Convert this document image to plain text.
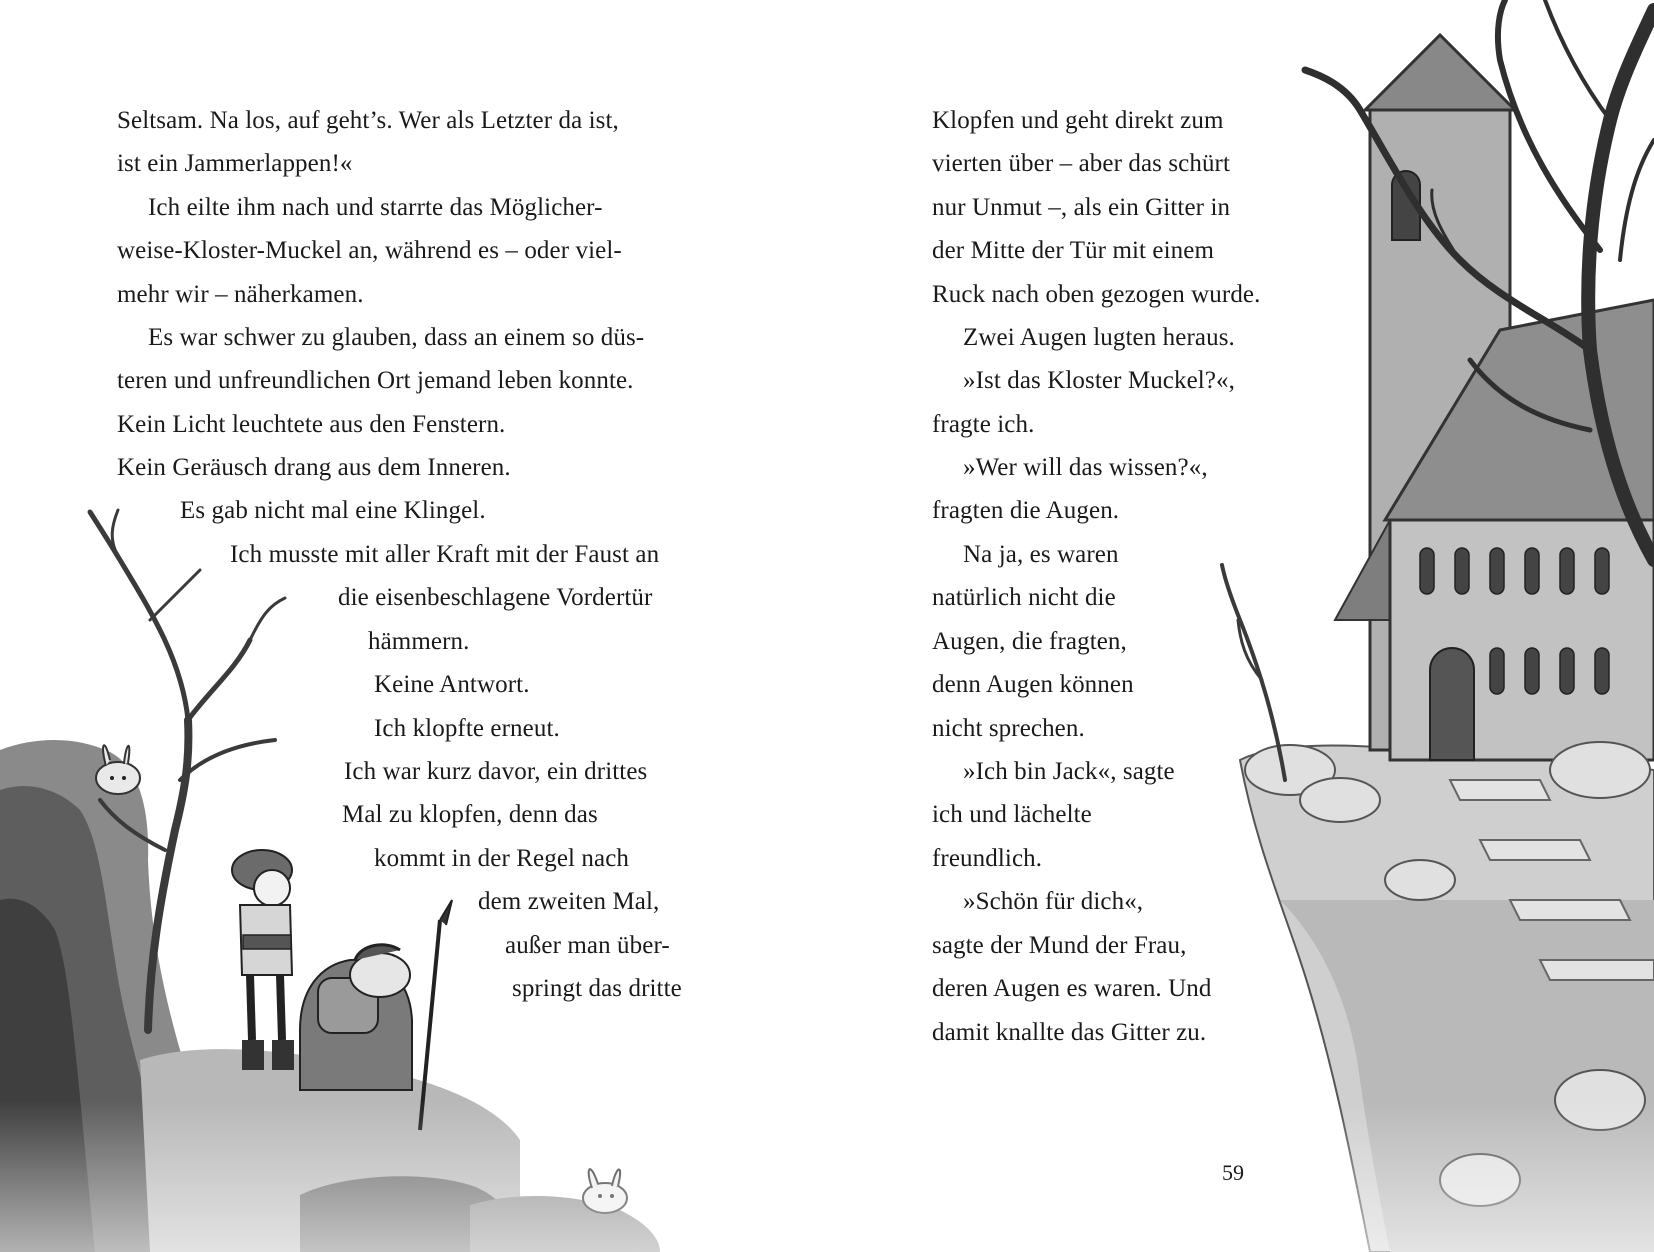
Seltsam. Na los, auf geht’s. Wer als Letzter da ist,
ist ein Jammerlappen!«
Ich eilte ihm nach und starrte das Möglicher-
weise-Kloster-Muckel an, während es – oder viel-
mehr wir – näherkamen.
Es war schwer zu glauben, dass an einem so düs-
teren und unfreundlichen Ort jemand leben konnte.
Kein Licht leuchtete aus den Fenstern.
Kein Geräusch drang aus dem Inneren.
Es gab nicht mal eine Klingel.
Ich musste mit aller Kraft mit der Faust an
die eisenbeschlagene Vordertür
hämmern.
Keine Antwort.
Ich klopfte erneut.
Ich war kurz davor, ein drittes
Mal zu klopfen, denn das
kommt in der Regel nach
dem zweiten Mal,
außer man über-
springt das dritte
Klopfen und geht direkt zum
vierten über – aber das schürt
nur Unmut –, als ein Gitter in
der Mitte der Tür mit einem
Ruck nach oben gezogen wurde.
Zwei Augen lugten heraus.
»Ist das Kloster Muckel?«,
fragte ich.
»Wer will das wissen?«,
fragten die Augen.
Na ja, es waren
natürlich nicht die
Augen, die fragten,
denn Augen können
nicht sprechen.
»Ich bin Jack«, sagte
ich und lächelte
freundlich.
»Schön für dich«,
sagte der Mund der Frau,
deren Augen es waren. Und
damit knallte das Gitter zu.
59
